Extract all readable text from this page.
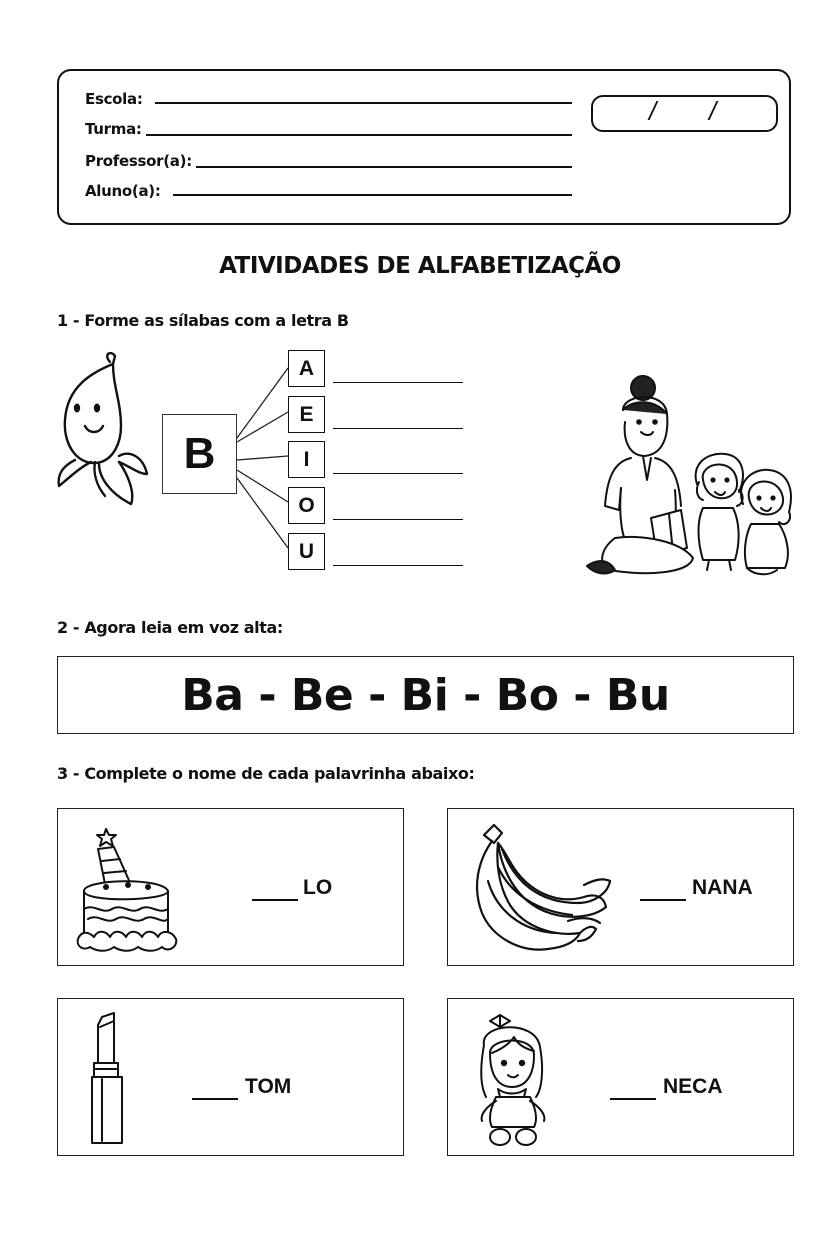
Escola:
Turma:
Professor(a):
Aluno(a):
/ /
ATIVIDADES DE ALFABETIZAÇÃO
1 - Forme as sílabas com a letra B
B
A
E
I
O
U
2 - Agora leia em voz alta:
Ba - Be - Bi - Bo - Bu
3 - Complete o nome de cada palavrinha abaixo:
LO	NANA
TOM	NECA
